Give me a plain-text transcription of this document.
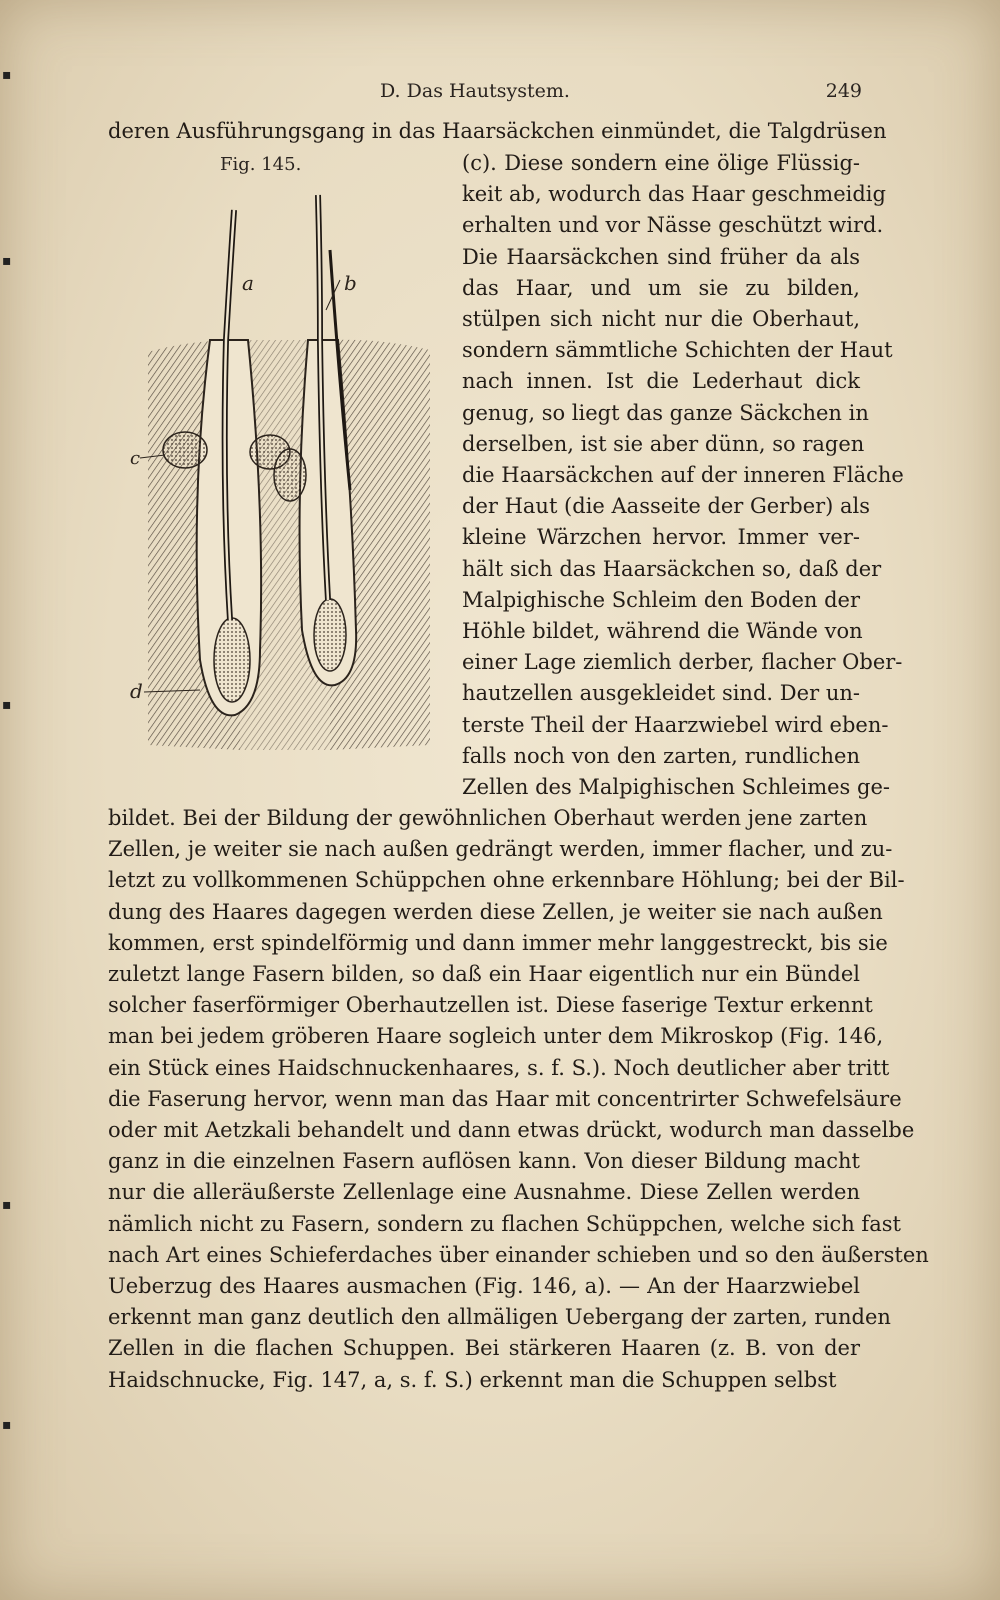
▪
▪
▪
▪
▪
D. Das Hautsystem.	249
deren Ausführungsgang in das Haarsäckchen einmündet, die Talgdrüsen
Fig. 145.
a	b
c
d
(c). Diese sondern eine ölige Flüssig-
keit ab, wodurch das Haar geschmeidig
erhalten und vor Nässe geschützt wird.
Die Haarsäckchen sind früher da als
das Haar, und um sie zu bilden,
stülpen sich nicht nur die Oberhaut,
sondern sämmtliche Schichten der Haut
nach innen. Ist die Lederhaut dick
genug, so liegt das ganze Säckchen in
derselben, ist sie aber dünn, so ragen
die Haarsäckchen auf der inneren Fläche
der Haut (die Aasseite der Gerber) als
kleine Wärzchen hervor. Immer ver-
hält sich das Haarsäckchen so, daß der
Malpighische Schleim den Boden der
Höhle bildet, während die Wände von
einer Lage ziemlich derber, flacher Ober-
hautzellen ausgekleidet sind. Der un-
terste Theil der Haarzwiebel wird eben-
falls noch von den zarten, rundlichen
Zellen des Malpighischen Schleimes ge-
bildet. Bei der Bildung der gewöhnlichen Oberhaut werden jene zarten
Zellen, je weiter sie nach außen gedrängt werden, immer flacher, und zu-
letzt zu vollkommenen Schüppchen ohne erkennbare Höhlung; bei der Bil-
dung des Haares dagegen werden diese Zellen, je weiter sie nach außen
kommen, erst spindelförmig und dann immer mehr langgestreckt, bis sie
zuletzt lange Fasern bilden, so daß ein Haar eigentlich nur ein Bündel
solcher faserförmiger Oberhautzellen ist. Diese faserige Textur erkennt
man bei jedem gröberen Haare sogleich unter dem Mikroskop (Fig. 146,
ein Stück eines Haidschnuckenhaares, s. f. S.). Noch deutlicher aber tritt
die Faserung hervor, wenn man das Haar mit concentrirter Schwefelsäure
oder mit Aetzkali behandelt und dann etwas drückt, wodurch man dasselbe
ganz in die einzelnen Fasern auflösen kann. Von dieser Bildung macht
nur die alleräußerste Zellenlage eine Ausnahme. Diese Zellen werden
nämlich nicht zu Fasern, sondern zu flachen Schüppchen, welche sich fast
nach Art eines Schieferdaches über einander schieben und so den äußersten
Ueberzug des Haares ausmachen (Fig. 146, a). — An der Haarzwiebel
erkennt man ganz deutlich den allmäligen Uebergang der zarten, runden
Zellen in die flachen Schuppen. Bei stärkeren Haaren (z. B. von der
Haidschnucke, Fig. 147, a, s. f. S.) erkennt man die Schuppen selbst
